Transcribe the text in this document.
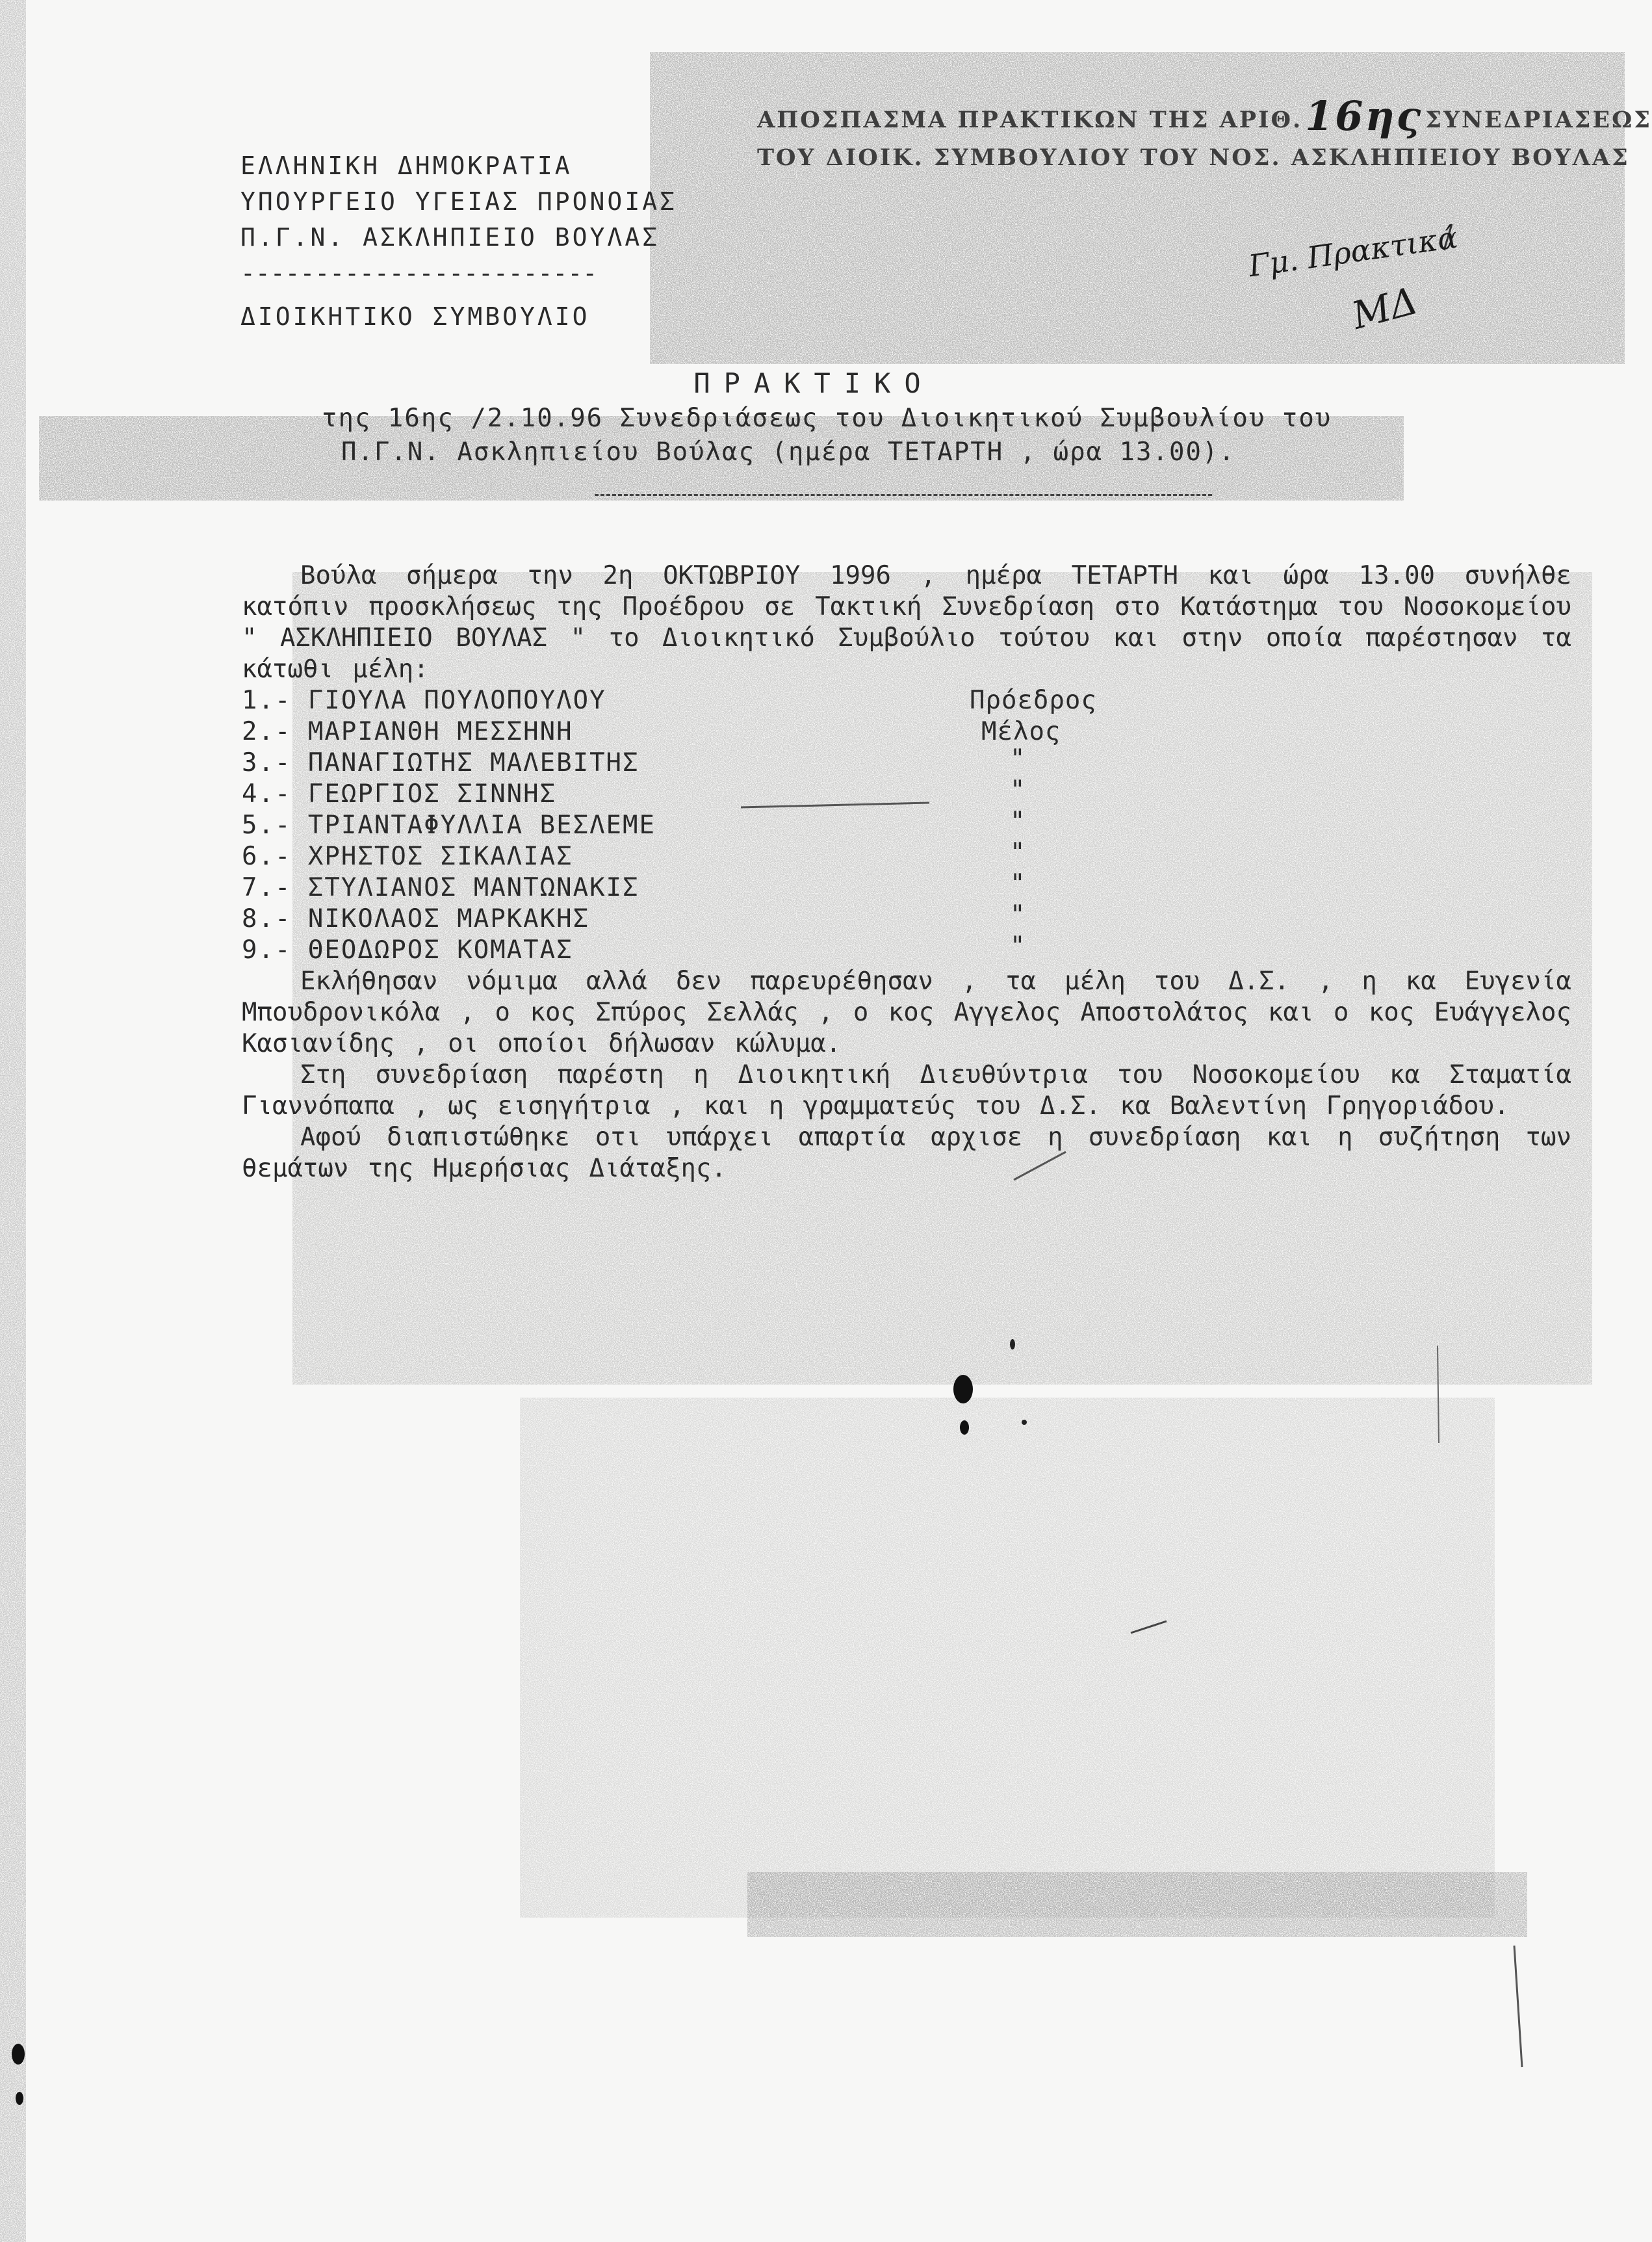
ΑΠΟΣΠΑΣΜΑ ΠΡΑΚΤΙΚΩΝ ΤΗΣ ΑΡΙΘ.16ης ΣΥΝΕΔΡΙΑΣΕΩΣ
ΤΟΥ ΔΙΟΙΚ. ΣΥΜΒΟΥΛΙΟΥ ΤΟΥ ΝΟΣ. ΑΣΚΛΗΠΙΕΙΟΥ ΒΟΥΛΑΣ
ΕΛΛΗΝΙΚΗ ΔΗΜΟΚΡΑΤΙΑ
ΥΠΟΥΡΓΕΙΟ ΥΓΕΙΑΣ ΠΡΟΝΟΙΑΣ
Π.Γ.Ν. ΑΣΚΛΗΠΙΕΙΟ ΒΟΥΛΑΣ
------------------------
ΔΙΟΙΚΗΤΙΚΟ ΣΥΜΒΟΥΛΙΟ
Γμ. Πρακτικά
ΜΔ
ΠΡΑΚΤΙΚΟ
της 16ης /2.10.96 Συνεδριάσεως του Διοικητικού Συμβουλίου του
Π.Γ.Ν. Ασκληπιείου Βούλας (ημέρα ΤΕΤΑΡΤΗ , ώρα 13.00).

Βούλα σήμερα την 2η ΟΚΤΩΒΡΙΟΥ 1996 , ημέρα ΤΕΤΑΡΤΗ και ώρα 13.00 συνήλθε κατόπιν προσκλήσεως της Προέδρου σε Τακτική Συνεδρίαση στο Κατάστημα του Νοσοκομείου " ΑΣΚΛΗΠΙΕΙΟ ΒΟΥΛΑΣ " το Διοικητικό Συμβούλιο τούτου και στην οποία παρέστησαν τα κάτωθι μέλη:

1.- ΓΙΟΥΛΑ ΠΟΥΛΟΠΟΥΛΟΥ	Πρόεδρος
2.- ΜΑΡΙΑΝΘΗ ΜΕΣΣΗΝΗ	Μέλος
3.- ΠΑΝΑΓΙΩΤΗΣ ΜΑΛΕΒΙΤΗΣ	"
4.- ΓΕΩΡΓΙΟΣ ΣΙΝΝΗΣ	"
5.- ΤΡΙΑΝΤΑΦΥΛΛΙΑ ΒΕΣΛΕΜΕ	"
6.- ΧΡΗΣΤΟΣ ΣΙΚΑΛΙΑΣ	"
7.- ΣΤΥΛΙΑΝΟΣ ΜΑΝΤΩΝΑΚΙΣ	"
8.- ΝΙΚΟΛΑΟΣ ΜΑΡΚΑΚΗΣ	"
9.- ΘΕΟΔΩΡΟΣ ΚΟΜΑΤΑΣ	"

Εκλήθησαν νόμιμα αλλά δεν παρευρέθησαν , τα μέλη του Δ.Σ. , η κα Ευγενία Μπουδρονικόλα , ο κος Σπύρος Σελλάς , ο κος Αγγελος Αποστολάτος και ο κος Ευάγγελος Κασιανίδης , οι οποίοι δήλωσαν κώλυμα.

Στη συνεδρίαση παρέστη η Διοικητική Διευθύντρια του Νοσοκομείου κα Σταματία Γιαννόπαπα , ως εισηγήτρια , και η γραμματεύς του Δ.Σ. κα Βαλεντίνη Γρηγοριάδου.

Αφού διαπιστώθηκε οτι υπάρχει απαρτία αρχισε η συνεδρίαση και η συζήτηση των θεμάτων της Ημερήσιας Διάταξης.
